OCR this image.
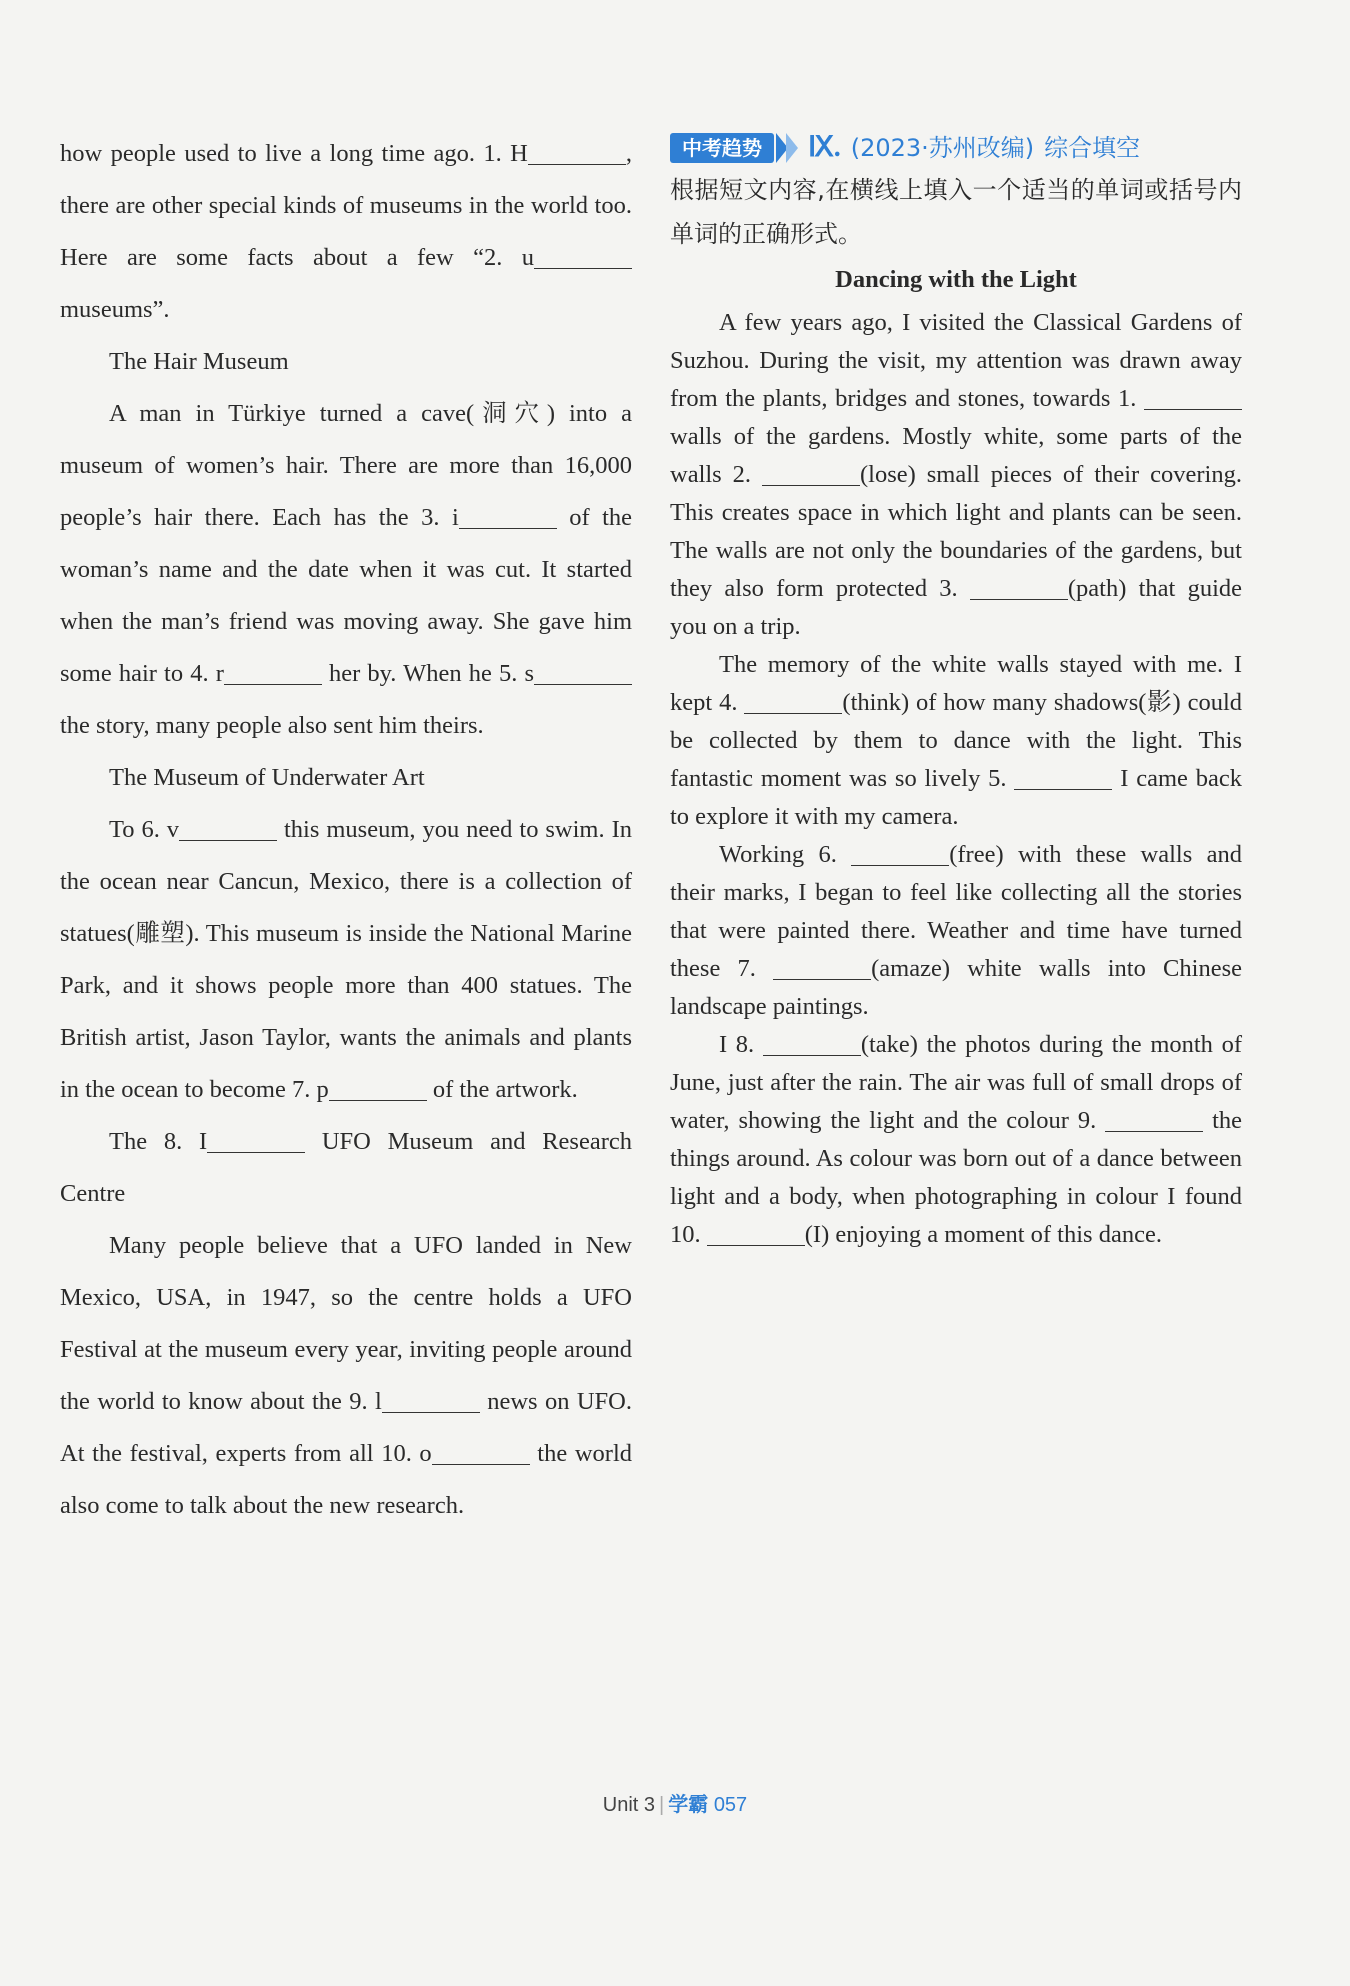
how people used to live a long time ago. 1. H	, there are other special kinds of museums in the world too. Here are some facts about a few “2. u museums”.

The Hair Museum

A man in Türkiye turned a cave(洞穴) into a museum of women’s hair. There are more than 16,000 people’s hair there. Each has the 3. i	of the woman’s name and the date when it was cut. It started when the man’s friend was moving away. She gave him some hair to 4. r	her by. When he 5. s the story, many people also sent him theirs.

The Museum of Underwater Art

To 6. v	this museum, you need to swim. In the ocean near Cancun, Mexico, there is a collection of statues(雕塑). This museum is inside the National Marine Park, and it shows people more than 400 statues. The British artist, Jason Taylor, wants the animals and plants in the ocean to become 7. p	of the artwork.

The 8. I	UFO Museum and Research Centre

Many people believe that a UFO landed in New Mexico, USA, in 1947, so the centre holds a UFO Festival at the museum every year, inviting people around the world to know about the 9. l	news on UFO. At the festival, experts from all 10. o	the world also come to talk about the new research.

中考趋势	Ⅸ. (2023·苏州改编) 综合填空

根据短文内容,在横线上填入一个适当的单词或括号内单词的正确形式。

Dancing with the Light

A few years ago, I visited the Classical Gardens of Suzhou. During the visit, my attention was drawn away from the plants, bridges and stones, towards 1.  walls of the gardens. Mostly white, some parts of the walls 2.	(lose) small pieces of their covering. This creates space in which light and plants can be seen. The walls are not only the boundaries of the gardens, but they also form protected 3.	(path) that guide you on a trip.

The memory of the white walls stayed with me. I kept 4.	(think) of how many shadows(影) could be collected by them to dance with the light. This fantastic moment was so lively 5.	I came back to explore it with my camera.

Working 6.	(free) with these walls and their marks, I began to feel like collecting all the stories that were painted there. Weather and time have turned these 7.	(amaze) white walls into Chinese landscape paintings.

I 8.	(take) the photos during the month of June, just after the rain. The air was full of small drops of water, showing the light and the colour 9.	the things around. As colour was born out of a dance between light and a body, when photographing in colour I found 10.	(I) enjoying a moment of this dance.

Unit 3 | 学霸 057
